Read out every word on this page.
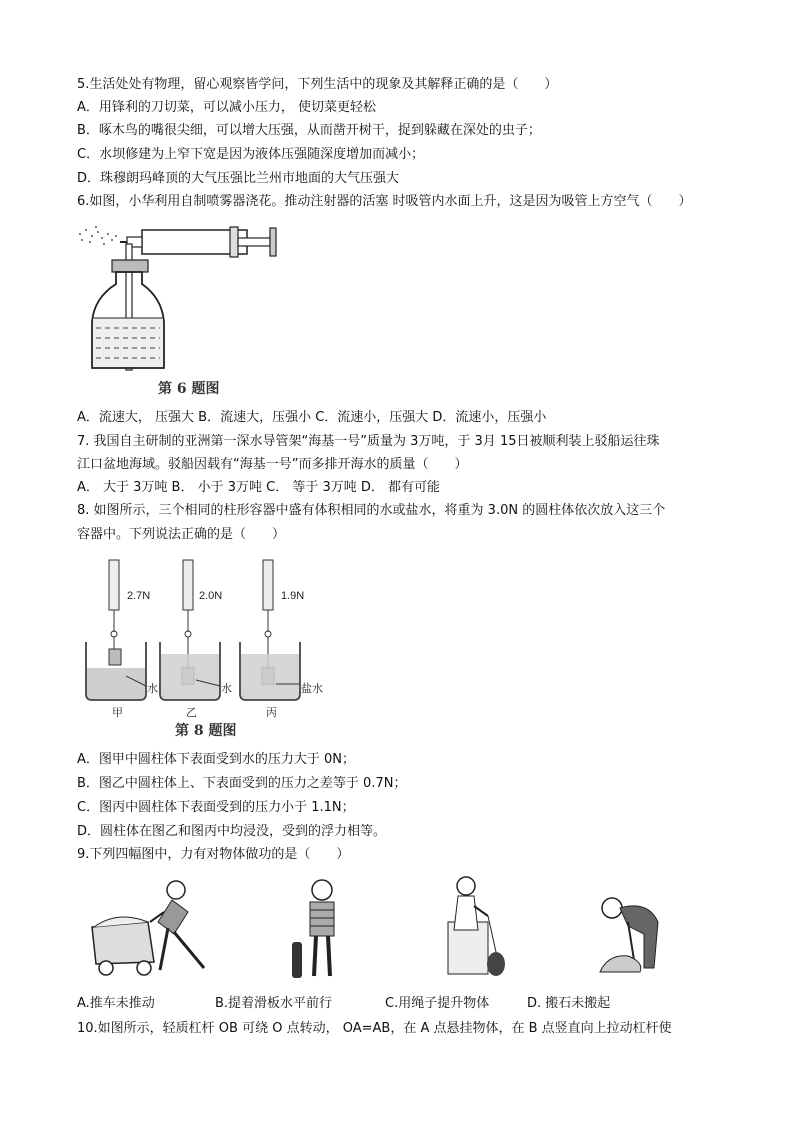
5.生活处处有物理，留心观察皆学问，下列生活中的现象及其解释正确的是（　　）
A．用锋利的刀切菜，可以减小压力， 使切菜更轻松
B．啄木鸟的嘴很尖细，可以增大压强，从而凿开树干，捉到躲藏在深处的虫子；
C．水坝修建为上窄下宽是因为液体压强随深度增加而减小；
D．珠穆朗玛峰顶的大气压强比兰州市地面的大气压强大
6.如图，小华利用自制喷雾器浇花。推动注射器的活塞 时吸管内水面上升，这是因为吸管上方空气（　　）
第 6 题图
A．流速大， 压强大 B．流速大，压强小 C．流速小，压强大 D．流速小，压强小
7. 我国自主研制的亚洲第一深水导管架“海基一号”质量为 3万吨，于 3月 15日被顺利装上驳船运往珠
江口盆地海域。驳船因载有“海基一号”而多排开海水的质量（　　）
A． 大于 3万吨 B． 小于 3万吨 C． 等于 3万吨 D． 都有可能
8. 如图所示，三个相同的柱形容器中盛有体积相同的水或盐水，将重为 3.0N 的圆柱体依次放入这三个
容器中。下列说法正确的是（　　）
2.7N	2.0N	1.9N
水	水	盐水
甲	乙	丙
第 8 题图
A．图甲中圆柱体下表面受到水的压力大于 0N；
B．图乙中圆柱体上、下表面受到的压力之差等于 0.7N；
C．图丙中圆柱体下表面受到的压力小于 1.1N；
D．圆柱体在图乙和图丙中均浸没，受到的浮力相等。
9.下列四幅图中，力有对物体做功的是（　　）
A.推车未推动	B.提着滑板水平前行	C.用绳子提升物体	D. 搬石未搬起
10.如图所示，轻质杠杆 OB 可绕 O 点转动， OA=AB，在 A 点悬挂物体，在 B 点竖直向上拉动杠杆使
